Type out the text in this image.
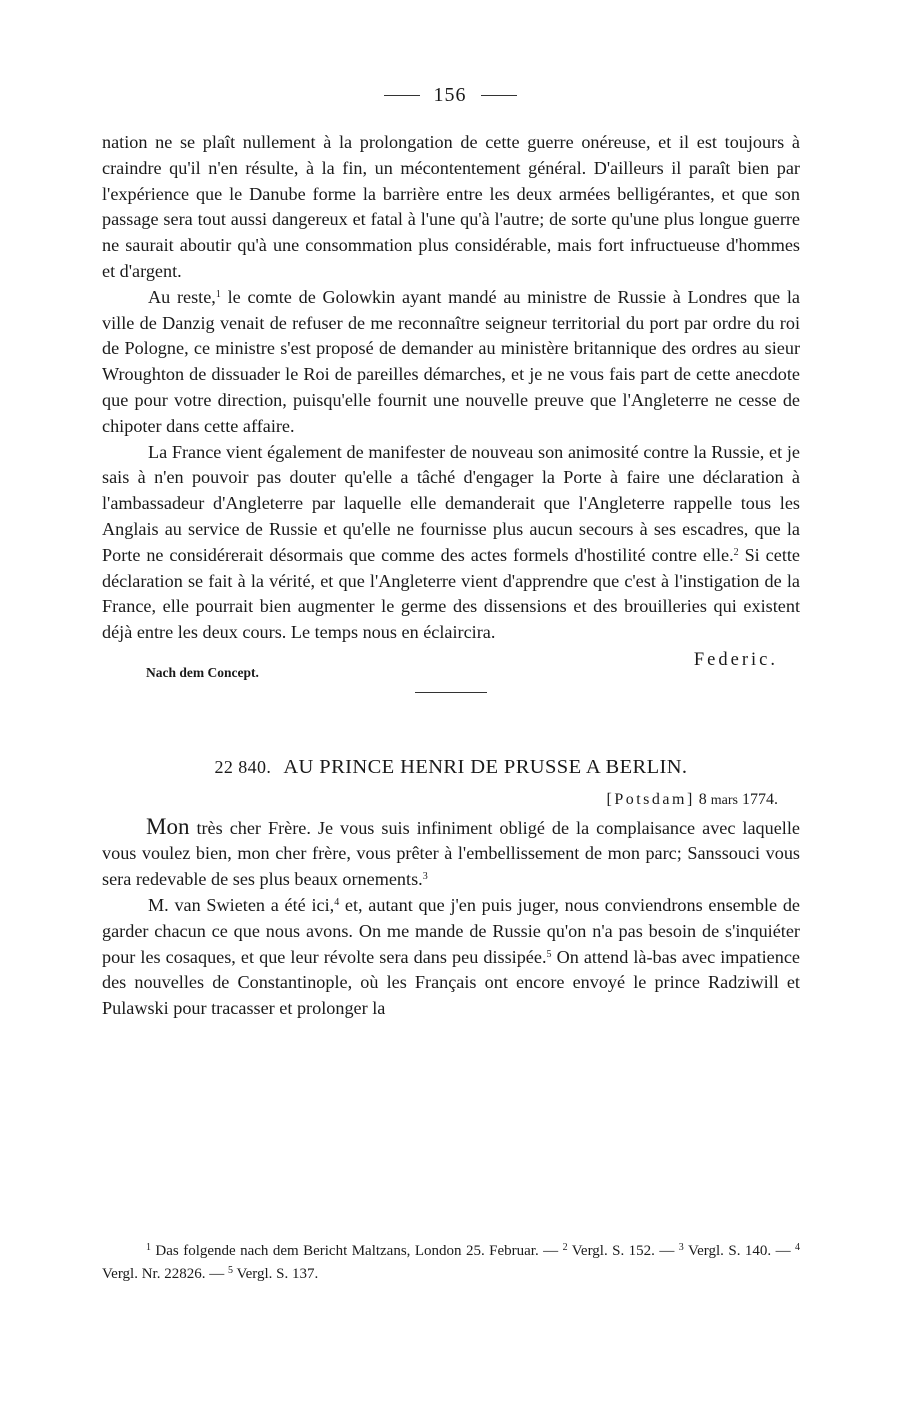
156

nation ne se plaît nullement à la prolongation de cette guerre onéreuse, et il est toujours à craindre qu'il n'en résulte, à la fin, un mécontentement général. D'ailleurs il paraît bien par l'expérience que le Danube forme la barrière entre les deux armées belligérantes, et que son passage sera tout aussi dangereux et fatal à l'une qu'à l'autre; de sorte qu'une plus longue guerre ne saurait aboutir qu'à une consommation plus considérable, mais fort infructueuse d'hommes et d'argent.

Au reste,$^1$ le comte de Golowkin ayant mandé au ministre de Russie à Londres que la ville de Danzig venait de refuser de me reconnaître seigneur territorial du port par ordre du roi de Pologne, ce ministre s'est proposé de demander au ministère britannique des ordres au sieur Wroughton de dissuader le Roi de pareilles démarches, et je ne vous fais part de cette anecdote que pour votre direction, puisqu'elle fournit une nouvelle preuve que l'Angleterre ne cesse de chipoter dans cette affaire.

La France vient également de manifester de nouveau son animosité contre la Russie, et je sais à n'en pouvoir pas douter qu'elle a tâché d'engager la Porte à faire une déclaration à l'ambassadeur d'Angleterre par laquelle elle demanderait que l'Angleterre rappelle tous les Anglais au service de Russie et qu'elle ne fournisse plus aucun secours à ses escadres, que la Porte ne considérerait désormais que comme des actes formels d'hostilité contre elle.$^2$ Si cette déclaration se fait à la vérité, et que l'Angleterre vient d'apprendre que c'est à l'instigation de la France, elle pourrait bien augmenter le germe des dissensions et des brouilleries qui existent déjà entre les deux cours. Le temps nous en éclaircira.

Nach dem Concept.
Federic.
22 840. AU PRINCE HENRI DE PRUSSE A BERLIN.
[Potsdam] 8 mars 1774.

Mon très cher Frère. Je vous suis infiniment obligé de la complaisance avec laquelle vous voulez bien, mon cher frère, vous prêter à l'embellissement de mon parc; Sanssouci vous sera redevable de ses plus beaux ornements.$^3$

M. van Swieten a été ici,$^4$ et, autant que j'en puis juger, nous conviendrons ensemble de garder chacun ce que nous avons. On me mande de Russie qu'on n'a pas besoin de s'inquiéter pour les cosaques, et que leur révolte sera dans peu dissipée.$^5$ On attend là-bas avec impatience des nouvelles de Constantinople, où les Français ont encore envoyé le prince Radziwill et Pulawski pour tracasser et prolonger la

$^1$ Das folgende nach dem Bericht Maltzans, London 25. Februar. — $^2$ Vergl. S. 152. — $^3$ Vergl. S. 140. — $^4$ Vergl. Nr. 22826. — $^5$ Vergl. S. 137.
